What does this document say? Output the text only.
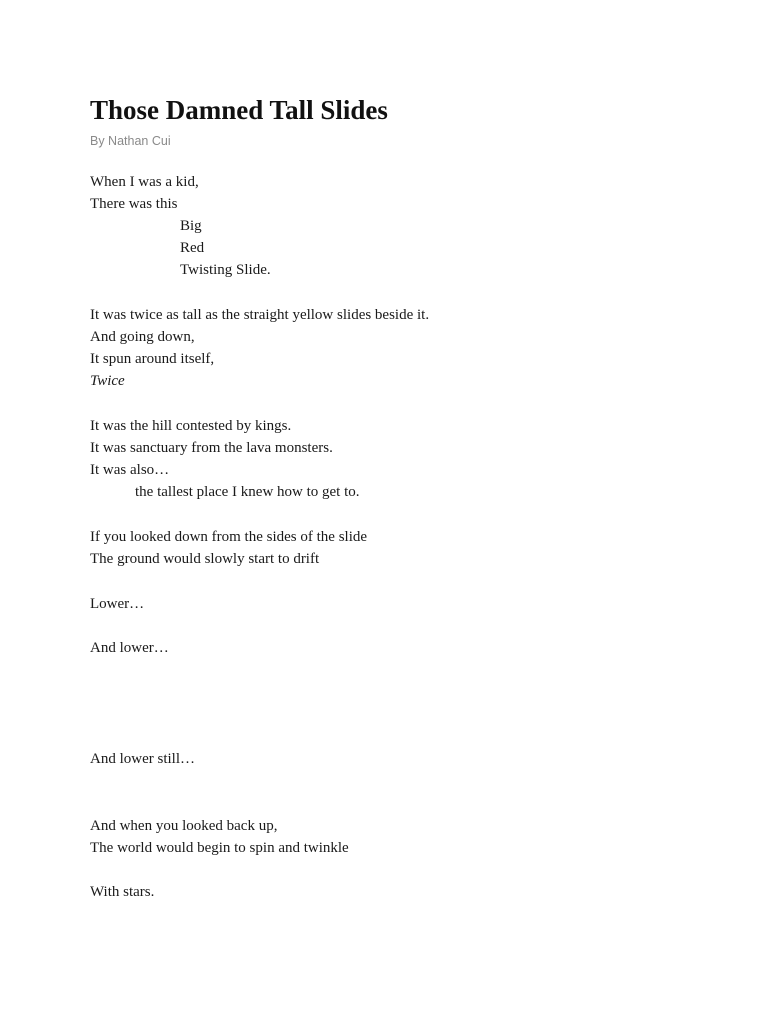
Those Damned Tall Slides

By Nathan Cui

When I was a kid,

There was this

Big

Red

Twisting Slide.

It was twice as tall as the straight yellow slides beside it.

And going down,

It spun around itself,

Twice

It was the hill contested by kings.

It was sanctuary from the lava monsters.

It was also…

the tallest place I knew how to get to.

If you looked down from the sides of the slide

The ground would slowly start to drift

Lower…

And lower…

And lower still…

And when you looked back up,

The world would begin to spin and twinkle

With stars.
